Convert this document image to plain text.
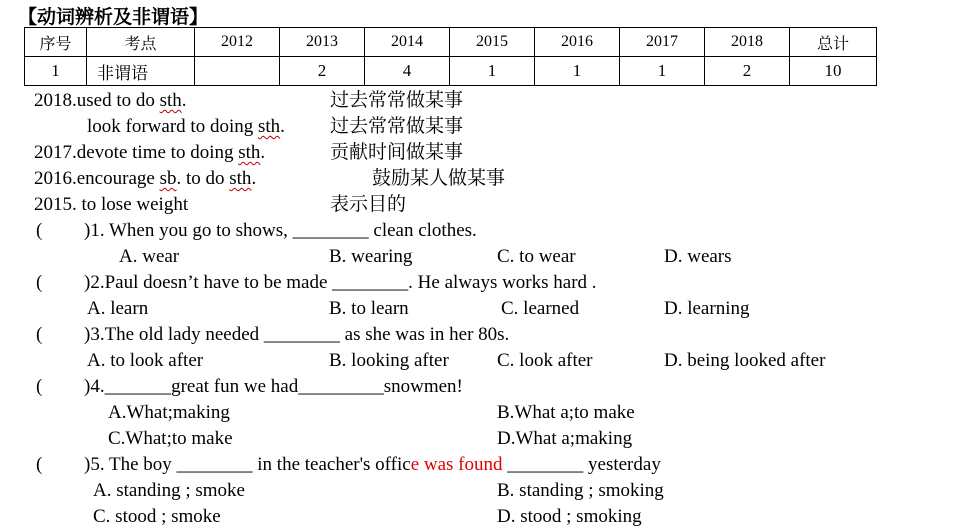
【动词辨析及非谓语】
序号	考点	2012	2013	2014	2015	2016	2017	2018	总计
1	非谓语		2	4	1	1	1	2	10
2018.used to do sth.	过去常常做某事
look forward to doing sth. 过去常常做某事
2017.devote time to doing sth.	贡献时间做某事
2016.encourage sb. to do sth.	鼓励某人做某事
2015. to lose weight	表示目的
( )1. When you go to shows, ________ clean clothes.
A. wear	B. wearing	C. to wear	D. wears
( )2.Paul doesn’t have to be made ________. He always works hard .
A. learn	B. to learn	C. learned	D. learning
( )3.The old lady needed ________ as she was in her 80s.
A. to look after	B. looking after	C. look after	D. being looked after
( )4._______great fun we had_________snowmen!
A.What;making	B.What a;to make
C.What;to make	D.What a;making
( )5. The boy ________ in the teacher's office was found ________ yesterday
A. standing ; smoke	B. standing ; smoking
C. stood ; smoke	D. stood ; smoking
